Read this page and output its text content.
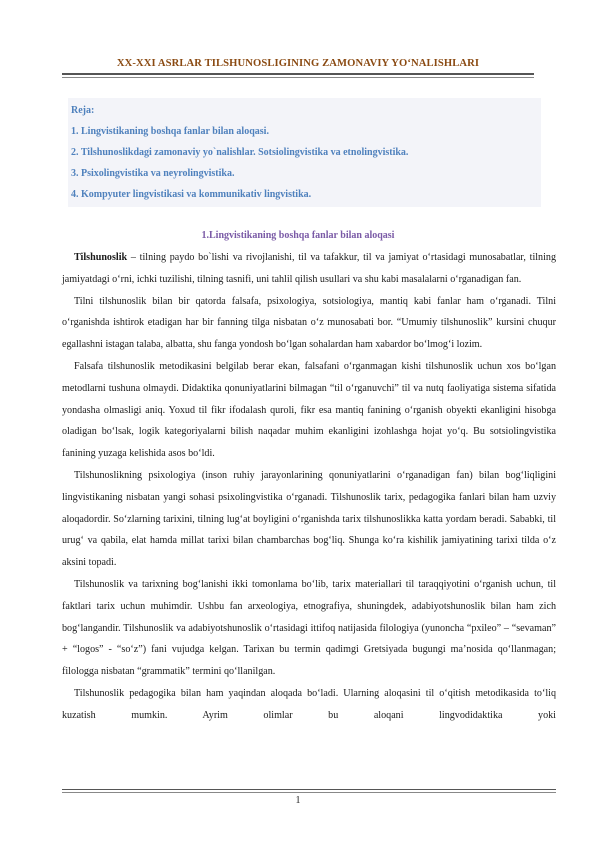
XX-XXI ASRLAR TILSHUNOSLIGINING ZAMONAVIY YO‘NALISHLARI
Reja:
1. Lingvistikaning boshqa fanlar bilan aloqasi.
2. Tilshunoslikdagi zamonaviy yo`nalishlar. Sotsiolingvistika va etnolingvistika.
3. Psixolingvistika va neyrolingvistika.
4. Kompyuter lingvistikasi va kommunikativ lingvistika.
1.Lingvistikaning boshqa fanlar bilan aloqasi

Tilshunoslik – tilning paydo bo`lishi va rivojlanishi, til va tafakkur, til va jamiyat o‘rtasidagi munosabatlar, tilning jamiyatdagi o‘rni, ichki tuzilishi, tilning tasnifi, uni tahlil qilish usullari va shu kabi masalalarni o‘rganadigan fan.

Tilni tilshunoslik bilan bir qatorda falsafa, psixologiya, sotsiologiya, mantiq kabi fanlar ham o‘rganadi. Tilni o‘rganishda ishtirok etadigan har bir fanning tilga nisbatan o‘z munosabati bor. “Umumiy tilshunoslik” kursini chuqur egallashni istagan talaba, albatta, shu fanga yondosh bo‘lgan sohalardan ham xabardor bo‘lmog‘i lozim.

Falsafa tilshunoslik metodikasini belgilab berar ekan, falsafani o‘rganmagan kishi tilshunoslik uchun xos bo‘lgan metodlarni tushuna olmaydi. Didaktika qonuniyatlarini bilmagan “til o‘rganuvchi” til va nutq faoliyatiga sistema sifatida yondasha olmasligi aniq. Yoxud til fikr ifodalash quroli, fikr esa mantiq fanining o‘rganish obyekti ekanligini hisobga oladigan bo‘lsak, logik kategoriyalarni bilish naqadar muhim ekanligini izohlashga hojat yo‘q. Bu sotsiolingvistika fanining yuzaga kelishida asos bo‘ldi.

Tilshunoslikning psixologiya (inson ruhiy jarayonlarining qonuniyatlarini o‘rganadigan fan) bilan bog‘liqligini lingvistikaning nisbatan yangi sohasi psixolingvistika o‘rganadi. Tilshunoslik tarix, pedagogika fanlari bilan ham uzviy aloqadordir. So‘zlarning tarixini, tilning lug‘at boyligini o‘rganishda tarix tilshunoslikka katta yordam beradi. Sababki, til urug‘ va qabila, elat hamda millat tarixi bilan chambarchas bog‘liq. Shunga ko‘ra kishilik jamiyatining tarixi tilda o‘z aksini topadi.

Tilshunoslik va tarixning bog‘lanishi ikki tomonlama bo‘lib, tarix materiallari til taraqqiyotini o‘rganish uchun, til faktlari tarix uchun muhimdir. Ushbu fan arxeologiya, etnografiya, shuningdek, adabiyotshunoslik bilan ham zich bog‘langandir. Tilshunoslik va adabiyotshunoslik o‘rtasidagi ittifoq natijasida filologiya (yunoncha “pxileo” – “sevaman” + “logos” - “so‘z”) fani vujudga kelgan. Tarixan bu termin qadimgi Gretsiyada bugungi ma’nosida qo‘llanmagan; filologga nisbatan “grammatik” termini qo‘llanilgan.

Tilshunoslik pedagogika bilan ham yaqindan aloqada bo‘ladi. Ularning aloqasini til o‘qitish metodikasida to‘liq kuzatish mumkin. Ayrim olimlar bu aloqani lingvodidaktika yoki

1
